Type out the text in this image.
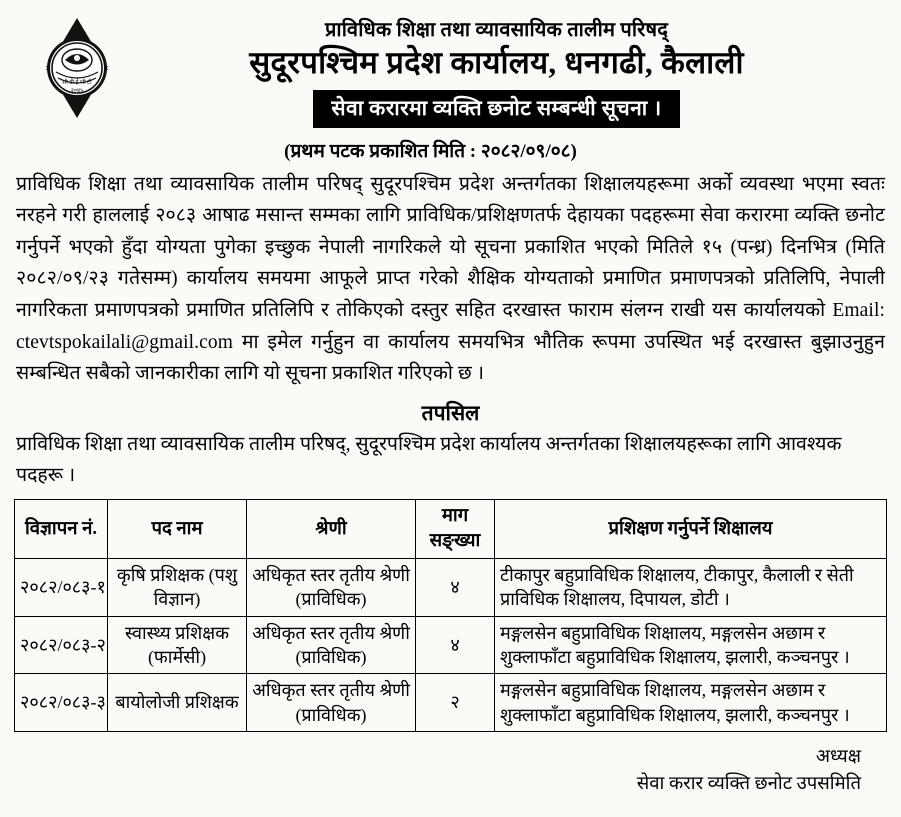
सी टी ई भी टी
२०४५
प्राविधिक शिक्षा तथा व्यावसायिक तालीम परिषद्
सुदूरपश्चिम प्रदेश कार्यालय, धनगढी, कैलाली
सेवा करारमा व्यक्ति छनोट सम्बन्धी सूचना ।
(प्रथम पटक प्रकाशित मिति : २०८२/०९/०८)
प्राविधिक शिक्षा तथा व्यावसायिक तालीम परिषद् सुदूरपश्चिम प्रदेश अन्तर्गतका शिक्षालयहरूमा अर्को व्यवस्था भएमा स्वतः नरहने गरी हाललाई २०८३ आषाढ मसान्त सम्मका लागि प्राविधिक/प्रशिक्षणतर्फ देहायका पदहरूमा सेवा करारमा व्यक्ति छनोट गर्नुपर्ने भएको हुँदा योग्यता पुगेका इच्छुक नेपाली नागरिकले यो सूचना प्रकाशित भएको मितिले १५ (पन्ध्र) दिनभित्र (मिति २०८२/०९/२३ गतेसम्म) कार्यालय समयमा आफूले प्राप्त गरेको शैक्षिक योग्यताको प्रमाणित प्रमाणपत्रको प्रतिलिपि, नेपाली नागरिकता प्रमाणपत्रको प्रमाणित प्रतिलिपि र तोकिएको दस्तुर सहित दरखास्त फाराम संलग्न राखी यस कार्यालयको Email: ctevtspokailali@gmail.com मा इमेल गर्नुहुन वा कार्यालय समयभित्र भौतिक रूपमा उपस्थित भई दरखास्त बुझाउनुहुन सम्बन्धित सबैको जानकारीका लागि यो सूचना प्रकाशित गरिएको छ ।
तपसिल
प्राविधिक शिक्षा तथा व्यावसायिक तालीम परिषद्, सुदूरपश्चिम प्रदेश कार्यालय अन्तर्गतका शिक्षालयहरूका लागि आवश्यक पदहरू ।
विज्ञापन नं.	पद नाम	श्रेणी	माग सङ्ख्या	प्रशिक्षण गर्नुपर्ने शिक्षालय
२०८२/०८३-१	कृषि प्रशिक्षक (पशु विज्ञान)	अधिकृत स्तर तृतीय श्रेणी (प्राविधिक)	४	टीकापुर बहुप्राविधिक शिक्षालय, टीकापुर, कैलाली र सेती प्राविधिक शिक्षालय, दिपायल, डोटी ।
२०८२/०८३-२	स्वास्थ्य प्रशिक्षक (फार्मेसी)	अधिकृत स्तर तृतीय श्रेणी (प्राविधिक)	४	मङ्गलसेन बहुप्राविधिक शिक्षालय, मङ्गलसेन अछाम र शुक्लाफाँटा बहुप्राविधिक शिक्षालय, झलारी, कञ्चनपुर ।
२०८२/०८३-३	बायोलोजी प्रशिक्षक	अधिकृत स्तर तृतीय श्रेणी (प्राविधिक)	२	मङ्गलसेन बहुप्राविधिक शिक्षालय, मङ्गलसेन अछाम र शुक्लाफाँटा बहुप्राविधिक शिक्षालय, झलारी, कञ्चनपुर ।
अध्यक्ष
सेवा करार व्यक्ति छनोट उपसमिति
